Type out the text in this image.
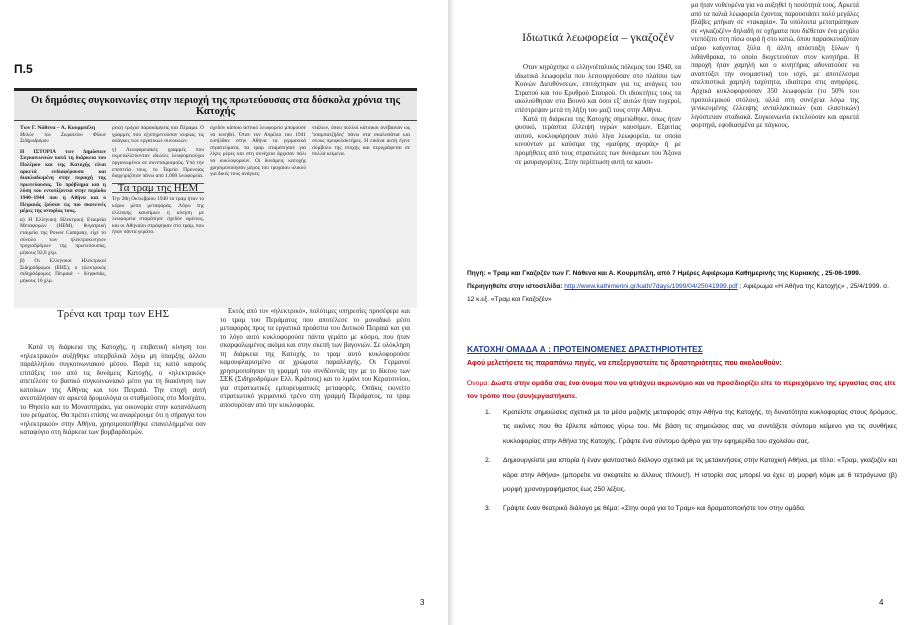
Π.5
Οι δημόσιες συγκοινωνίες στην περιοχή της πρωτεύουσας στα δύσκολα χρόνια της Κατοχής
Των Γ. Νάθενα – Α. Κουρμπέλη
Μελών του Σωματείου Φίλων Σιδηροδρόμου

Η ΙΣΤΟΡΙΑ των Δημόσιων Συγκοινωνιών κατά τη διάρκεια του Πολέμου και της Κατοχής είναι αρκετά ενδιαφέρουσα και διακλαδωμένη στην περιοχή της πρωτεύουσας. Το πρόβλημα και η λύση του εντοπίζονται στην περίοδο 1940–1944 που η Αθήνα και ο Πειραιάς ζούσαν τις πιο σκοτεινές μέρες της ιστορίας τους.

α) Η Ελληνική Ηλεκτρική Εταιρεία Μεταφορών (ΗΕΜ), θυγατρική εταιρεία της Power Company, είχε το σύνολο των ηλεκτροκίνητων τροχιοδρόμων της πρωτεύουσας, μήκους 92,6 χλμ.

β) Οι Ελληνικοί Ηλεκτρικοί Σιδηρόδρομοι (ΕΗΣ), ο ηλεκτρικός σιδηρόδρομος Πειραιά – Κηφισιάς, μήκους 16 χλμ.

ρεια) τρόχια παρακάμψεις και Πέραμα. Ο γραμμές που εξυπηρετούσαν κυρίως τις ανάγκες των εργατικών συνοικιών.

γ) Λεωφορειακές γραμμές που εκμεταλλεύονταν ιδιώτες λεωφορειούχοι οργανωμένοι σε συνεταιρισμούς. Υπό την εποπτεία τους, το Ταμείο Προνοίας διαχειριζόταν πάνω από 1.000 λεωφορεία.

Τα τραμ της ΗΕΜ

Την 28η Οκτωβρίου 1940 τα τραμ ήταν το κύριο μέσο μεταφοράς. Λόγω της έλλειψης καυσίμων η κίνηση με λεωφορεία σταμάτησε σχεδόν αμέσως, και οι Αθηναίοι στράφηκαν στο τραμ, που ήταν πάντα γεμάτο.

σχεδόν κάποιο αστικό λεωφορείο μπορούσε να κινηθεί. Όταν τον Απρίλιο του 1941 εισήλθαν στην Αθήνα τα γερμανικά στρατεύματα, τα τραμ σταμάτησαν για λίγες μέρες και στη συνέχεια άρχισαν πάλι να κυκλοφορούν. Οι δυνάμεις κατοχής χρησιμοποίησαν μέρος του τροχαίου υλικού για δικές τους ανάγκες.

ντάλων, όπου πολλοί κάτοικοι ανέβαιναν ως 'τσαμπατζήδες' πάνω στα σκαλοπάτια και στους προφυλακτήρες. Η εικόνα αυτή έγινε σύμβολο της εποχής και περιγράφεται σε πολλά κείμενα.

Τρένα και τραμ των ΕΗΣ

Κατά τη διάρκεια της Κατοχής, η επιβατική κίνηση του «ηλεκτρικού» αυξήθηκε υπερβολικά λόγω μη ύπαρξης άλλου παράλληλου συγκοινωνιακού μέσου. Παρά τις κατά καιρούς επιτάξεις του από τις δυνάμεις Κατοχής, ο «ηλεκτρικός» απετέλεσε το βασικό συγκοινωνιακό μέσο για τη διακίνηση των κατοίκων της Αθήνας και του Πειραιά. Την εποχή αυτή ανεστάλησαν σε αρκετά δρομολόγια οι σταθμεύσεις στο Μοσχάτο, το Θησείο και το Μοναστηράκι, για οικονομία στην κατανάλωση του ρεύματος. Θα πρέπει επίσης να αναφέρουμε ότι η σήραγγα του «ηλεκτρικού» στην Αθήνα, χρησιμοποιήθηκε επανειλημμένα σαν καταφύγιο στη διάρκεια των βομβαρδισμών.

Εκτός από τον «ηλεκτρικό», πολύτιμες υπηρεσίες προσέφερε και το τραμ του Περάματος που αποτέλεσε το μοναδικό μέσο μεταφοράς προς τα εργατικά προάστια του Δυτικού Πειραιά και για το λόγο αυτό κυκλοφορούσε πάντα γεμάτο με κόσμο, που ήταν σκαρφαλωμένος ακόμα και στην σκεπή των βαγονιών. Σε ολόκληρη τη διάρκεια της Κατοχής το τραμ αυτό κυκλοφορούσε καμουφλαρισμένο σε χρώματα παραλλαγής. Οι Γερμανοί χρησιμοποίησαν τη γραμμή του συνδέοντάς την με το δίκτυο των ΣΕΚ (Σιδηροδρόμων Ελλ. Κράτους) και το λιμάνι του Κερατσινίου, για στρατιωτικές εμπορευματικές μεταφορές. Οσάκις εκινείτο στρατιωτικό γερμανικό τρένο στη γραμμή Περάματος, τα τραμ αποσυρόταν από την κυκλοφορία.

3
Ιδιωτικά λεωφορεία – γκαζοζέν

Οταν κηρύχτηκε ο ελληνοϊταλικός πόλεμος του 1940, τα ιδιωτικά λεωφορεία που λειτουργούσαν στο πλαίσιο των Κοινών Διευθύνσεων, επιτάχτηκαν για τις ανάγκες του Στρατού και του Ερυθρού Σταυρού. Οι ιδιοκτήτες τους τα ακολούθησαν στο Βουνό και όσοι εξ' αυτών ήταν τυχεροί, επέστρεψαν μετά τη λήξη του μαζί τους στην Αθήνα.

Κατά τη διάρκεια της Κατοχής σημειώθηκε, όπως ήταν φυσικό, τεράστια έλλειψη υγρών καυσίμων. Εξαιτίας αυτού, κυκλοφόρησαν πολύ λίγα λεωφορεία, τα οποία κινούνταν με καύσιμα της «μαύρης αγοράς» ή με προμήθειες από τους στρατιώτες των δυνάμεων του Άξονα σε μαυραγορίτες. Στην περίπτωση αυτή τα καυσι-

μα ήταν νοθευμένα για να αυξηθεί η ποσότητά τους. Αρκετά από τα παλιά λεωφορεία έχοντας παρουσιάσει πολύ μεγάλες βλάβες μπήκαν σε «τακαρία». Τα υπόλοιπα μετατράπηκαν σε «γκαζοζέν» δηλαδή σε οχήματα που διέθεταν ένα μεγάλο ντεπόζιτο στη πίσω ουρά ή στο κατώ, όπου παρασκευαζόταν αέριο καίγοντας ξύλα ή άλλη απόσταξη ξύλων ή λιθάνθρακα, το οποίο διοχετευόταν στον κινητήρα. Η παροχή ήταν χαμηλή και ο κινητήρας αδυνατούσε να αναπτύξει την ονομαστική του ισχύ, με αποτέλεσμα απελπιστικά χαμηλή ταχύτητα, ιδιαίτερα στις ανηφόρες. Αρχικά κυκλοφορούσαν 350 λεωφορεία (το 50% του προπολεμικού στόλου), αλλά στη συνέχεια λόγω της γενικευμένης έλλειψης ανταλλακτικών (και ελαστικών) λιγόστευαν σταδιακά. Συγκοινωνία εκτελούσαν και αρκετά φορτηγά, εφοδιασμένα με πάγκους.

Πηγή: « Τραμ και Γκαζοζέν των Γ. Νάθενα και Α. Κουρμπέλη, από 7 Ημέρες Αφιέρωμα Καθημερινής της Κυριακής , 25-06-1999. Περιηγηθείτε στην ιστοσελίδα: http://www.kathimerini.gr/kath/7days/1999/04/25041999.pdf ; Αφιέρωμα «Η Αθήνα της Κατοχής» , 25/4/1999. σ. 12 κ.εξ. «Τραμ και Γκαζοζέν»
ΚΑΤΟΧΗ/ ΟΜΑΔΑ Α : ΠΡΟΤΕΙΝΟΜΕΝΕΣ ΔΡΑΣΤΗΡΙΟΤΗΤΕΣ
Αφού μελετήσετε τις παραπάνω πηγές, να επεξεργαστείτε τις δραστηριότητες που ακολουθούν:
Όνομα: Δώστε στην ομάδα σας ένα όνομα που να φτιάχνει ακρωνύμιο και να προσδιορίζει είτε το περιεχόμενο της εργασίας σας είτε τον τρόπο που (συν)εργαστήκατε.
1. Κρατείστε σημειώσεις σχετικά με τα μέσα μαζικής μεταφοράς στην Αθήνα της Κατοχής, τη δυνατότητα κυκλοφορίας στους δρόμους, τις εικόνες που θα έβλεπε κάποιος γύρω του. Με βάση τις σημειώσεις σας να συντάξετε σύντομο κείμενο για τις συνθήκες κυκλοφορίας στην Αθήνα της Κατοχής. Γράψτε ένα σύντομο άρθρο για την εφημερίδα του σχολείου σας.
2. Δημιουργείστε μια ιστορία ή έναν φανταστικό διάλογο σχετικά με τις μετακινήσεις στην Κατοχική Αθήνα, με τίτλο: «Τραμ, γκαζοζέν και κάρα στην Αθήνα» (μπορείτε να σκεφτείτε κι άλλους τίτλους!). Η ιστορία σας μπορεί να έχει: α) μορφή κόμικ με 6 τετράγωνα (β) μορφή χρονογραφήματος έως 250 λέξεις.
3. Γράψτε έναν θεατρικό διάλογο με θέμα: «Στην ουρά για το Τραμ» και δραματοποιήστε τον στην ομάδα.
4
